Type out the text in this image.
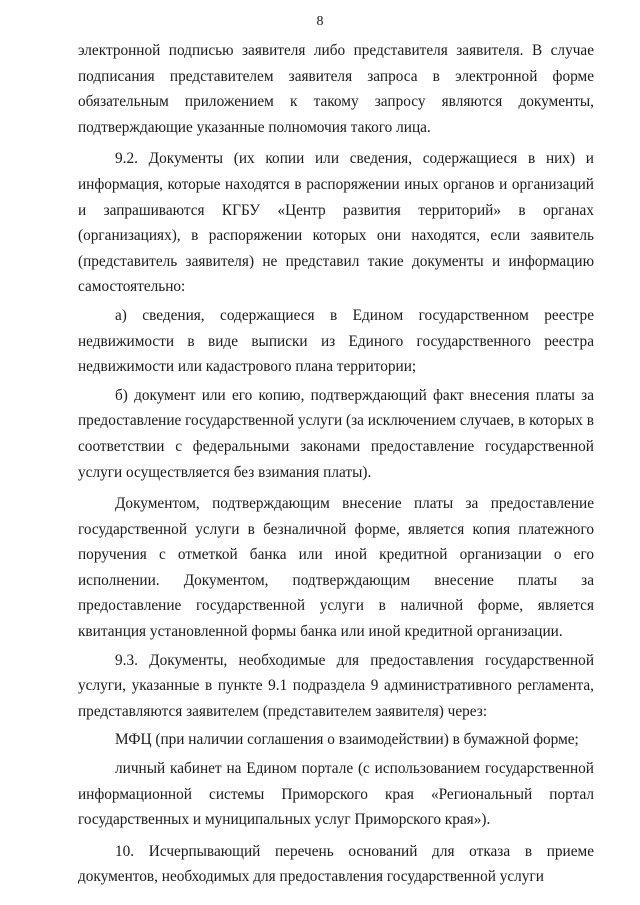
8

электронной подписью заявителя либо представителя заявителя. В случае подписания представителем заявителя запроса в электронной форме обязательным приложением к такому запросу являются документы, подтверждающие указанные полномочия такого лица.

9.2. Документы (их копии или сведения, содержащиеся в них) и информация, которые находятся в распоряжении иных органов и организаций и запрашиваются КГБУ «Центр развития территорий» в органах (организациях), в распоряжении которых они находятся, если заявитель (представитель заявителя) не представил такие документы и информацию самостоятельно:

а) сведения, содержащиеся в Едином государственном реестре недвижимости в виде выписки из Единого государственного реестра недвижимости или кадастрового плана территории;

б) документ или его копию, подтверждающий факт внесения платы за предоставление государственной услуги (за исключением случаев, в которых в соответствии с федеральными законами предоставление государственной услуги осуществляется без взимания платы).

Документом, подтверждающим внесение платы за предоставление государственной услуги в безналичной форме, является копия платежного поручения с отметкой банка или иной кредитной организации о его исполнении. Документом, подтверждающим внесение платы за предоставление государственной услуги в наличной форме, является квитанция установленной формы банка или иной кредитной организации.

9.3. Документы, необходимые для предоставления государственной услуги, указанные в пункте 9.1 подраздела 9 административного регламента, представляются заявителем (представителем заявителя) через:

МФЦ (при наличии соглашения о взаимодействии) в бумажной форме;

личный кабинет на Едином портале (с использованием государственной информационной системы Приморского края «Региональный портал государственных и муниципальных услуг Приморского края»).

10. Исчерпывающий перечень оснований для отказа в приеме документов, необходимых для предоставления государственной услуги
